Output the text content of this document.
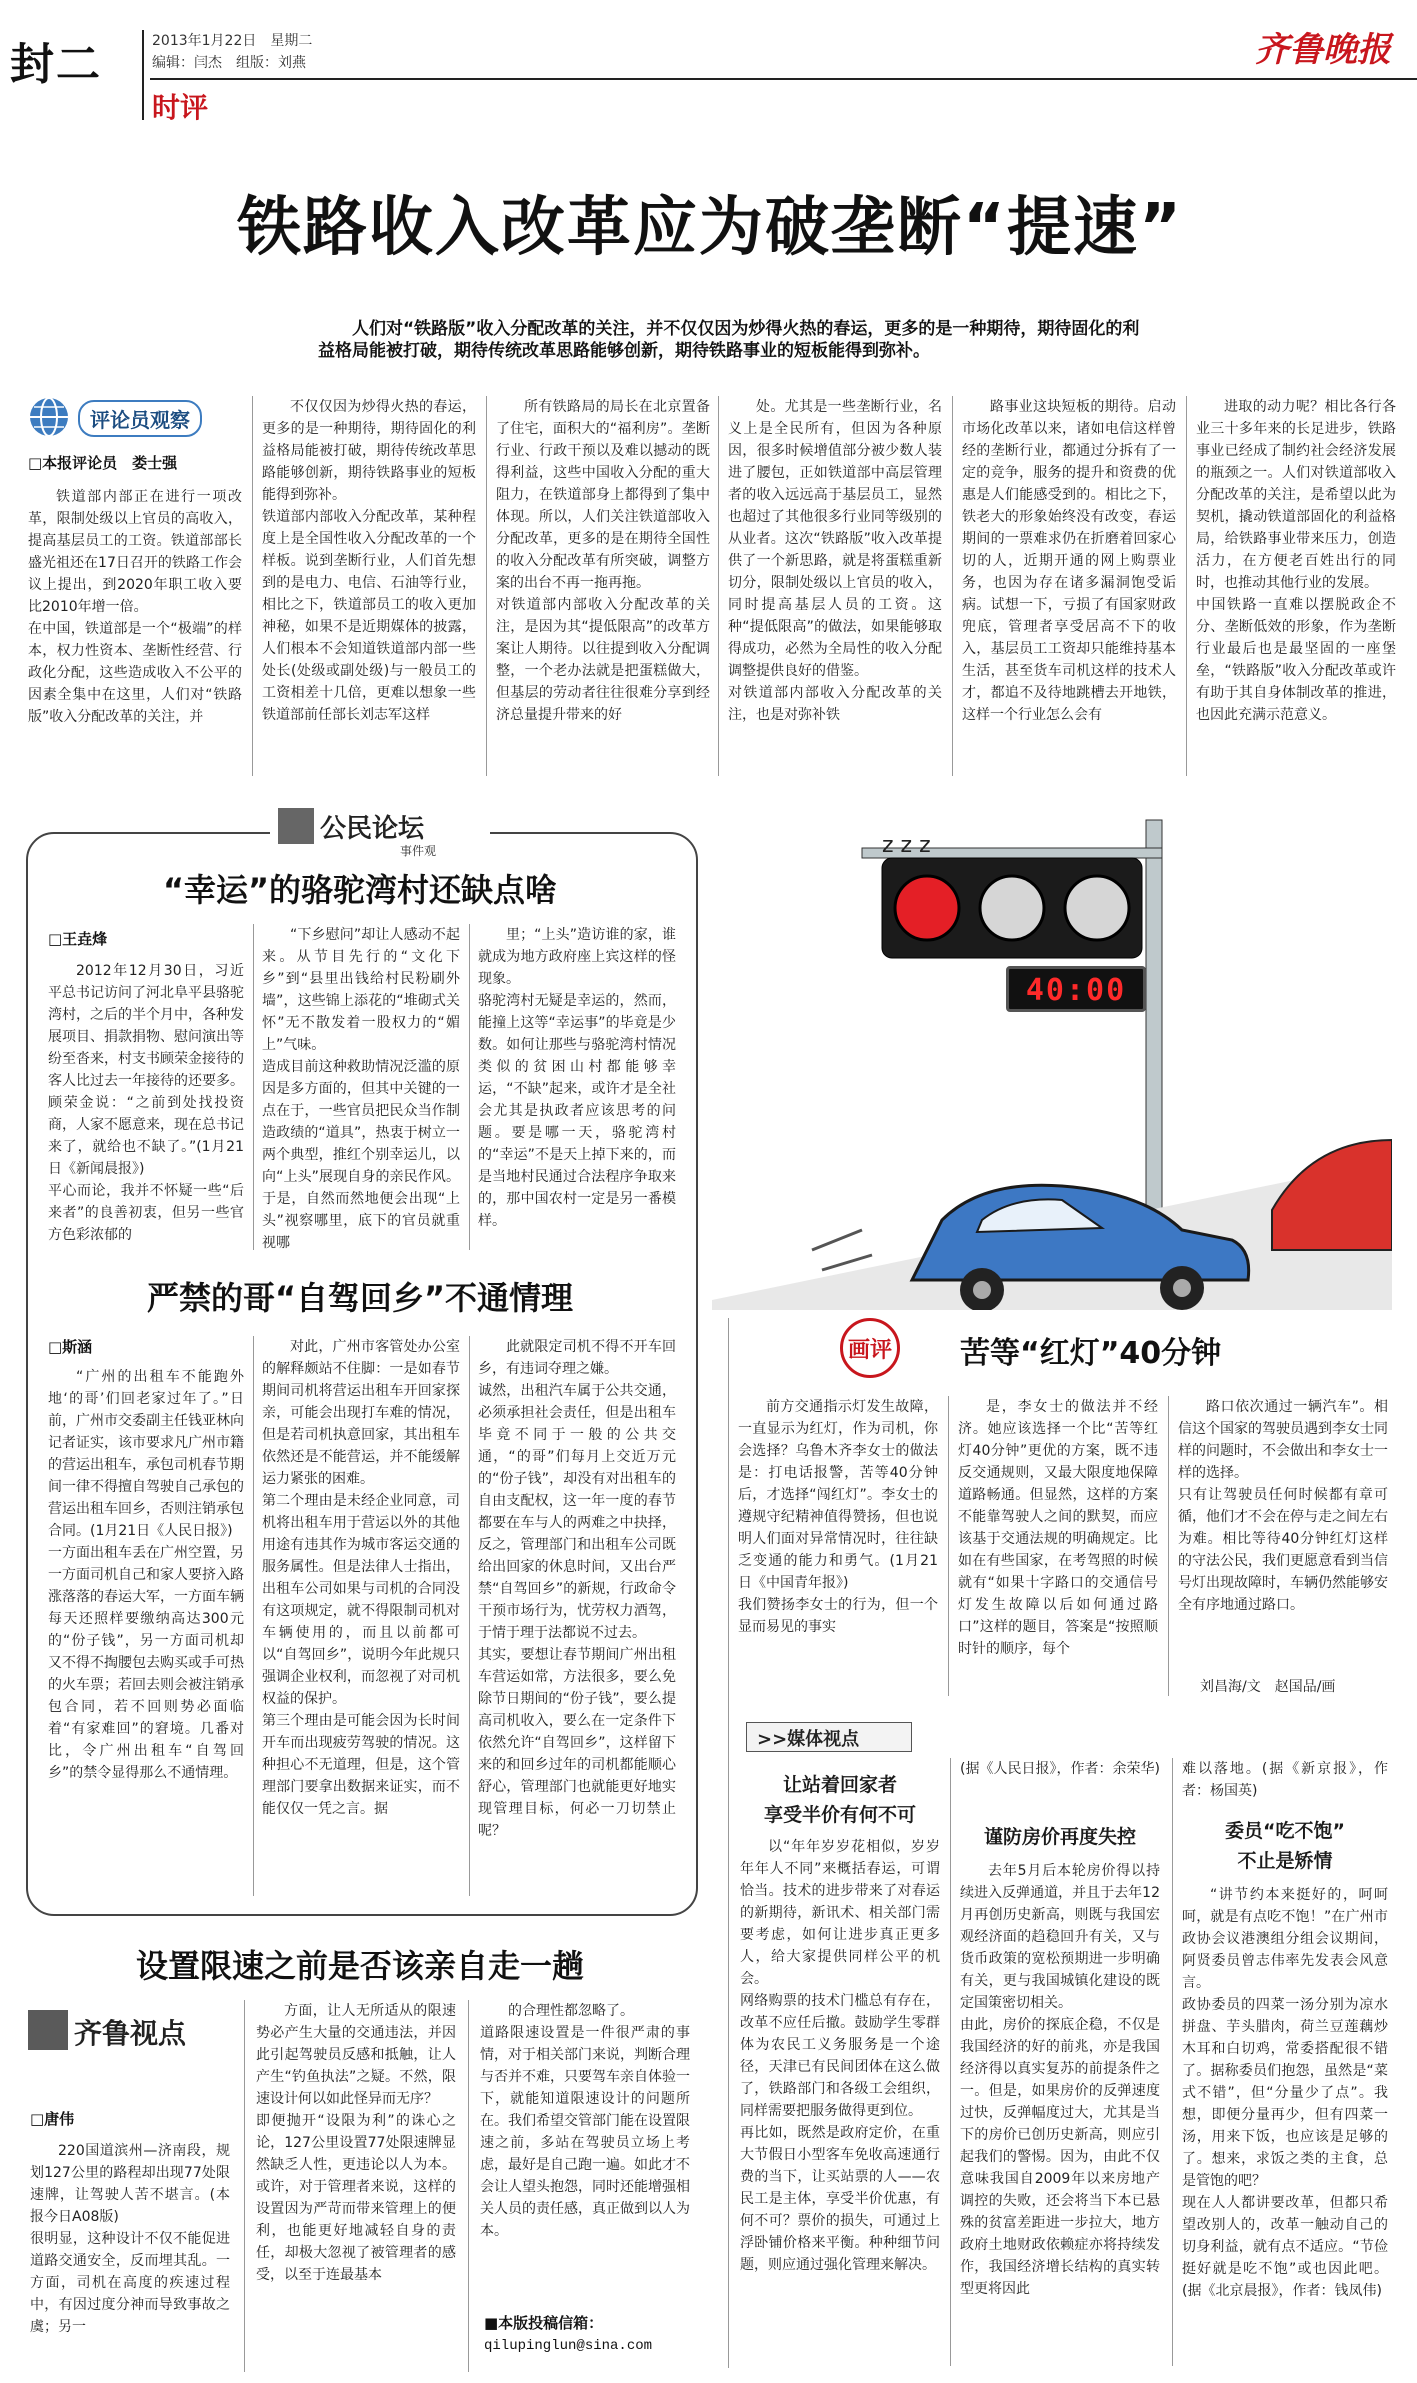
封二	2013年1月22日　星期二
编辑：闫杰　组版：刘燕
时评
齐鲁晚报
铁路收入改革应为破垄断“提速”
人们对“铁路版”收入分配改革的关注，并不仅仅因为炒得火热的春运，更多的是一种期待，期待固化的利益格局能被打破，期待传统改革思路能够创新，期待铁路事业的短板能得到弥补。
评论员观察
□本报评论员　娄士强
铁道部内部正在进行一项改革，限制处级以上官员的高收入，提高基层员工的工资。铁道部部长盛光祖还在17日召开的铁路工作会议上提出，到2020年职工收入要比2010年增一倍。
在中国，铁道部是一个“极端”的样本，权力性资本、垄断性经营、行政化分配，这些造成收入不公平的因素全集中在这里，人们对“铁路版”收入分配改革的关注，并
不仅仅因为炒得火热的春运，更多的是一种期待，期待固化的利益格局能被打破，期待传统改革思路能够创新，期待铁路事业的短板能得到弥补。
铁道部内部收入分配改革，某种程度上是全国性收入分配改革的一个样板。说到垄断行业，人们首先想到的是电力、电信、石油等行业，相比之下，铁道部员工的收入更加神秘，如果不是近期媒体的披露，人们根本不会知道铁道部内部一些处长(处级或副处级)与一般员工的工资相差十几倍，更难以想象一些铁道部前任部长刘志军这样
所有铁路局的局长在北京置备了住宅，面积大的“福利房”。垄断行业、行政干预以及难以撼动的既得利益，这些中国收入分配的重大阻力，在铁道部身上都得到了集中体现。所以，人们关注铁道部收入分配改革，更多的是在期待全国性的收入分配改革有所突破，调整方案的出台不再一拖再拖。
对铁道部内部收入分配改革的关注，是因为其“提低限高”的改革方案让人期待。以往提到收入分配调整，一个老办法就是把蛋糕做大，但基层的劳动者往往很难分享到经济总量提升带来的好
处。尤其是一些垄断行业，名义上是全民所有，但因为各种原因，很多时候增值部分被少数人装进了腰包，正如铁道部中高层管理者的收入远远高于基层员工，显然也超过了其他很多行业同等级别的从业者。这次“铁路版”收入改革提供了一个新思路，就是将蛋糕重新切分，限制处级以上官员的收入，同时提高基层人员的工资。这种“提低限高”的做法，如果能够取得成功，必然为全局性的收入分配调整提供良好的借鉴。
对铁道部内部收入分配改革的关注，也是对弥补铁
路事业这块短板的期待。启动市场化改革以来，诸如电信这样曾经的垄断行业，都通过分拆有了一定的竞争，服务的提升和资费的优惠是人们能感受到的。相比之下，铁老大的形象始终没有改变，春运期间的一票难求仍在折磨着回家心切的人，近期开通的网上购票业务，也因为存在诸多漏洞饱受诟病。试想一下，亏损了有国家财政兜底，管理者享受居高不下的收入，基层员工工资却只能维持基本生活，甚至货车司机这样的技术人才，都追不及待地跳槽去开地铁，这样一个行业怎么会有
进取的动力呢？相比各行各业三十多年来的长足进步，铁路事业已经成了制约社会经济发展的瓶颈之一。人们对铁道部收入分配改革的关注，是希望以此为契机，撬动铁道部固化的利益格局，给铁路事业带来压力，创造活力，在方便老百姓出行的同时，也推动其他行业的发展。
中国铁路一直难以摆脱政企不分、垄断低效的形象，作为垄断行业最后也是最坚固的一座堡垒，“铁路版”收入分配改革或许有助于其自身体制改革的推进，也因此充满示范意义。
公民论坛
事件观
“幸运”的骆驼湾村还缺点啥
□王垚烽
2012年12月30日，习近平总书记访问了河北阜平县骆驼湾村，之后的半个月中，各种发展项目、捐款捐物、慰问演出等纷至沓来，村支书顾荣金接待的客人比过去一年接待的还要多。顾荣金说：“之前到处找投资商，人家不愿意来，现在总书记来了，就给也不缺了。”(1月21日《新闻晨报》)
平心而论，我并不怀疑一些“后来者”的良善初衷，但另一些官方色彩浓郁的
“下乡慰问”却让人感动不起来。从节目先行的“文化下乡”到“县里出钱给村民粉刷外墙”，这些锦上添花的“堆砌式关怀”无不散发着一股权力的“媚上”气味。
造成目前这种救助情况泛滥的原因是多方面的，但其中关键的一点在于，一些官员把民众当作制造政绩的“道具”，热衷于树立一两个典型，推红个别幸运儿，以向“上头”展现自身的亲民作风。于是，自然而然地便会出现“上头”视察哪里，底下的官员就重视哪
里；“上头”造访谁的家，谁就成为地方政府座上宾这样的怪现象。
骆驼湾村无疑是幸运的，然而，能撞上这等“幸运事”的毕竟是少数。如何让那些与骆驼湾村情况类似的贫困山村都能够幸运，“不缺”起来，或许才是全社会尤其是执政者应该思考的问题。要是哪一天，骆驼湾村的“幸运”不是天上掉下来的，而是当地村民通过合法程序争取来的，那中国农村一定是另一番模样。
严禁的哥“自驾回乡”不通情理
□斯涵
“广州的出租车不能跑外地‘的哥’们回老家过年了。”日前，广州市交委副主任钱亚林向记者证实，该市要求凡广州市籍的营运出租车，承包司机春节期间一律不得擅自驾驶自己承包的营运出租车回乡，否则注销承包合同。(1月21日《人民日报》)
一方面出租车丢在广州空置，另一方面司机自己和家人要挤入路涨落落的春运大军，一方面车辆每天还照样要缴纳高达300元的“份子钱”，另一方面司机却又不得不掏腰包去购买或手可热的火车票；若回去则会被注销承包合同，若不回则势必面临着“有家难回”的窘境。几番对比，令广州出租车“自驾回乡”的禁令显得那么不通情理。
对此，广州市客管处办公室的解释颇站不住脚：一是如春节期间司机将营运出租车开回家探亲，可能会出现打车难的情况，但是若司机执意回家，其出租车依然还是不能营运，并不能缓解运力紧张的困难。
第二个理由是未经企业同意，司机将出租车用于营运以外的其他用途有违其作为城市客运交通的服务属性。但是法律人士指出，出租车公司如果与司机的合同没有这项规定，就不得限制司机对车辆使用的，而且以前都可以“自驾回乡”，说明今年此规只强调企业权利，而忽视了对司机权益的保护。
第三个理由是可能会因为长时间开车而出现疲劳驾驶的情况。这种担心不无道理，但是，这个管理部门要拿出数据来证实，而不能仅仅一凭之言。据
此就限定司机不得不开车回乡，有违词夺理之嫌。
诚然，出租汽车属于公共交通，必须承担社会责任，但是出租车毕竟不同于一般的公共交通，“的哥”们每月上交近万元的“份子钱”，却没有对出租车的自由支配权，这一年一度的春节都要在车与人的两难之中抉择，反之，管理部门和出租车公司既给出回家的休息时间，又出台严禁“自驾回乡”的新规，行政命令干预市场行为，忧劳权力酒驾，于情于理于法都说不过去。
其实，要想让春节期间广州出租车营运如常，方法很多，要么免除节日期间的“份子钱”，要么提高司机收入，要么在一定条件下依然允许“自驾回乡”，这样留下来的和回乡过年的司机都能顺心舒心，管理部门也就能更好地实现管理目标，何必一刀切禁止呢？
z z z
40:00
画评 苦等“红灯”40分钟
前方交通指示灯发生故障，一直显示为红灯，作为司机，你会选择？乌鲁木齐李女士的做法是：打电话报警，苦等40分钟后，才选择“闯红灯”。李女士的遵规守纪精神值得赞扬，但也说明人们面对异常情况时，往往缺乏变通的能力和勇气。(1月21日《中国青年报》)
我们赞扬李女士的行为，但一个显而易见的事实
是，李女士的做法并不经济。她应该选择一个比“苦等红灯40分钟”更优的方案，既不违反交通规则，又最大限度地保障道路畅通。但显然，这样的方案不能靠驾驶人之间的默契，而应该基于交通法规的明确规定。比如在有些国家，在考驾照的时候就有“如果十字路口的交通信号灯发生故障以后如何通过路口”这样的题目，答案是“按照顺时针的顺序，每个
路口依次通过一辆汽车”。相信这个国家的驾驶员遇到李女士同样的问题时，不会做出和李女士一样的选择。
只有让驾驶员任何时候都有章可循，他们才不会在停与走之间左右为难。相比等待40分钟红灯这样的守法公民，我们更愿意看到当信号灯出现故障时，车辆仍然能够安全有序地通过路口。
刘昌海/文　赵国品/画
>>媒体视点
让站着回家者
享受半价有何不可
以“年年岁岁花相似，岁岁年年人不同”来概括春运，可谓恰当。技术的进步带来了对春运的新期待，新讯术、相关部门需要考虑，如何让进步真正更多人，给大家提供同样公平的机会。
网络购票的技术门槛总有存在，改革不应任后撤。鼓励学生零群体为农民工义务服务是一个途径，天津已有民间团体在这么做了，铁路部门和各级工会组织，同样需要把服务做得更到位。
再比如，既然是政府定价，在重大节假日小型客车免收高速通行费的当下，让买站票的人——农民工是主体，享受半价优惠，有何不可？票价的损失，可通过上浮卧铺价格来平衡。种种细节问题，则应通过强化管理来解决。
(据《人民日报》，作者：余荣华)
谨防房价再度失控
去年5月后本轮房价得以持续进入反弹通道，并且于去年12月再创历史新高，则既与我国宏观经济面的趋稳回升有关，又与货币政策的宽松预期进一步明确有关，更与我国城镇化建设的既定国策密切相关。
由此，房价的探底企稳，不仅是我国经济的好的前兆，亦是我国经济得以真实复苏的前提条件之一。但是，如果房价的反弹速度过快，反弹幅度过大，尤其是当下的房价已创历史新高，则应引起我们的警惕。因为，由此不仅意味我国自2009年以来房地产调控的失败，还会将当下本已悬殊的贫富差距进一步拉大，地方政府土地财政依赖症亦将持续发作，我国经济增长结构的真实转型更将因此
难以落地。(据《新京报》，作者：杨国英)
委员“吃不饱”
不止是矫情
“讲节约本来挺好的，呵呵呵，就是有点吃不饱！”在广州市政协会议港澳组分组会议期间，阿贤委员曾志伟率先发表会风意言。
政协委员的四菜一汤分别为凉水拼盘、芋头腊肉，荷兰豆莲藕炒木耳和白切鸡，常委搭配很不错了。据称委员们抱怨，虽然是“菜式不错”，但“分量少了点”。我想，即便分量再少，但有四菜一汤，用来下饭，也应该是足够的了。想来，求饭之类的主食，总是管饱的吧？
现在人人都讲要改革，但都只希望改别人的，改革一触动自己的切身利益，就有点不适应。“节俭挺好就是吃不饱”或也因此吧。(据《北京晨报》，作者：钱凤伟)
设置限速之前是否该亲自走一趟
齐鲁视点
□唐伟
220国道滨州—济南段，规划127公里的路程却出现77处限速牌，让驾驶人苦不堪言。(本报今日A08版)
很明显，这种设计不仅不能促进道路交通安全，反而埋其乱。一方面，司机在高度的疾速过程中，有因过度分神而导致事故之虞；另一
方面，让人无所适从的限速势必产生大量的交通违法，并因此引起驾驶员反感和抵触，让人产生“钓鱼执法”之疑。不然，限速设计何以如此怪异而无序？
即便抛开“设限为利”的诛心之论，127公里设置77处限速牌显然缺乏人性，更违论以人为本。或许，对于管理者来说，这样的设置因为严苛而带来管理上的便利，也能更好地减轻自身的责任，却极大忽视了被管理者的感受，以至于连最基本
的合理性都忽略了。
道路限速设置是一件很严肃的事情，对于相关部门来说，判断合理与否并不难，只要驾车亲自体验一下，就能知道限速设计的问题所在。我们希望交管部门能在设置限速之前，多站在驾驶员立场上考虑，最好是自己跑一遍。如此才不会让人望头抱怨，同时还能增强相关人员的责任感，真正做到以人为本。
■本版投稿信箱：
qilupinglun@sina.com
